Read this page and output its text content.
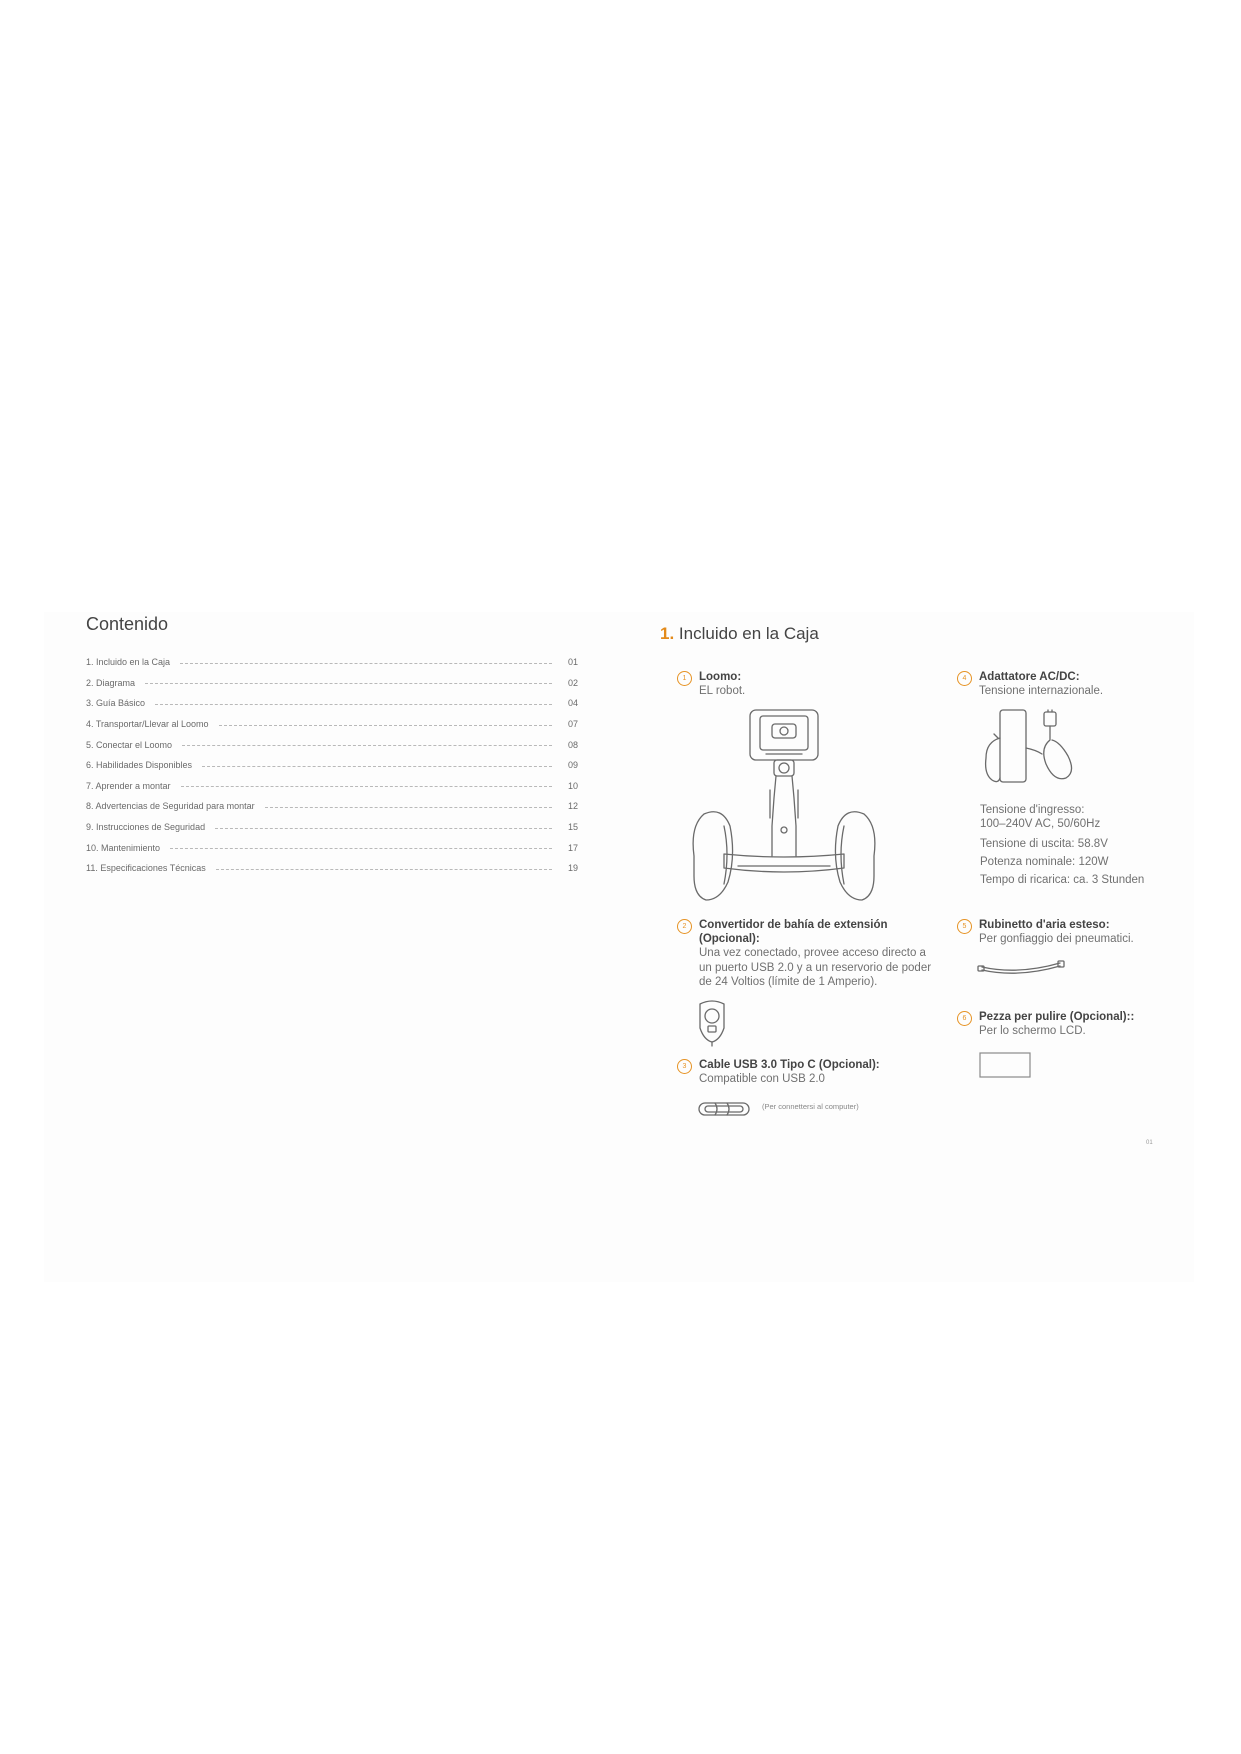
Contenido
1. Incluido en la Caja	01
2. Diagrama	02
3. Guía Básico	04
4. Transportar/Llevar al Loomo	07
5. Conectar el Loomo	08
6. Habilidades Disponibles	09
7. Aprender a montar	10
8. Advertencias de Seguridad para montar	12
9. Instrucciones de Seguridad	15
10. Mantenimiento	17
11. Especificaciones Técnicas	19
1. Incluido en la Caja
1	Loomo:
EL robot.
2	Convertidor de bahía de extensión (Opcional):
Una vez conectado, provee acceso directo a un puerto USB 2.0 y a un reservorio de poder de 24 Voltios (límite de 1 Amperio).
3	Cable USB 3.0 Tipo C (Opcional):
Compatible con USB 2.0
(Per connettersi al computer)
4	Adattatore AC/DC:
Tensione internazionale.
Tensione d'ingresso:
100–240V AC, 50/60Hz
Tensione di uscita: 58.8V
Potenza nominale: 120W
Tempo di ricarica: ca. 3 Stunden
5	Rubinetto d'aria esteso:
Per gonfiaggio dei pneumatici.
6	Pezza per pulire (Opcional)::
Per lo schermo LCD.
01
